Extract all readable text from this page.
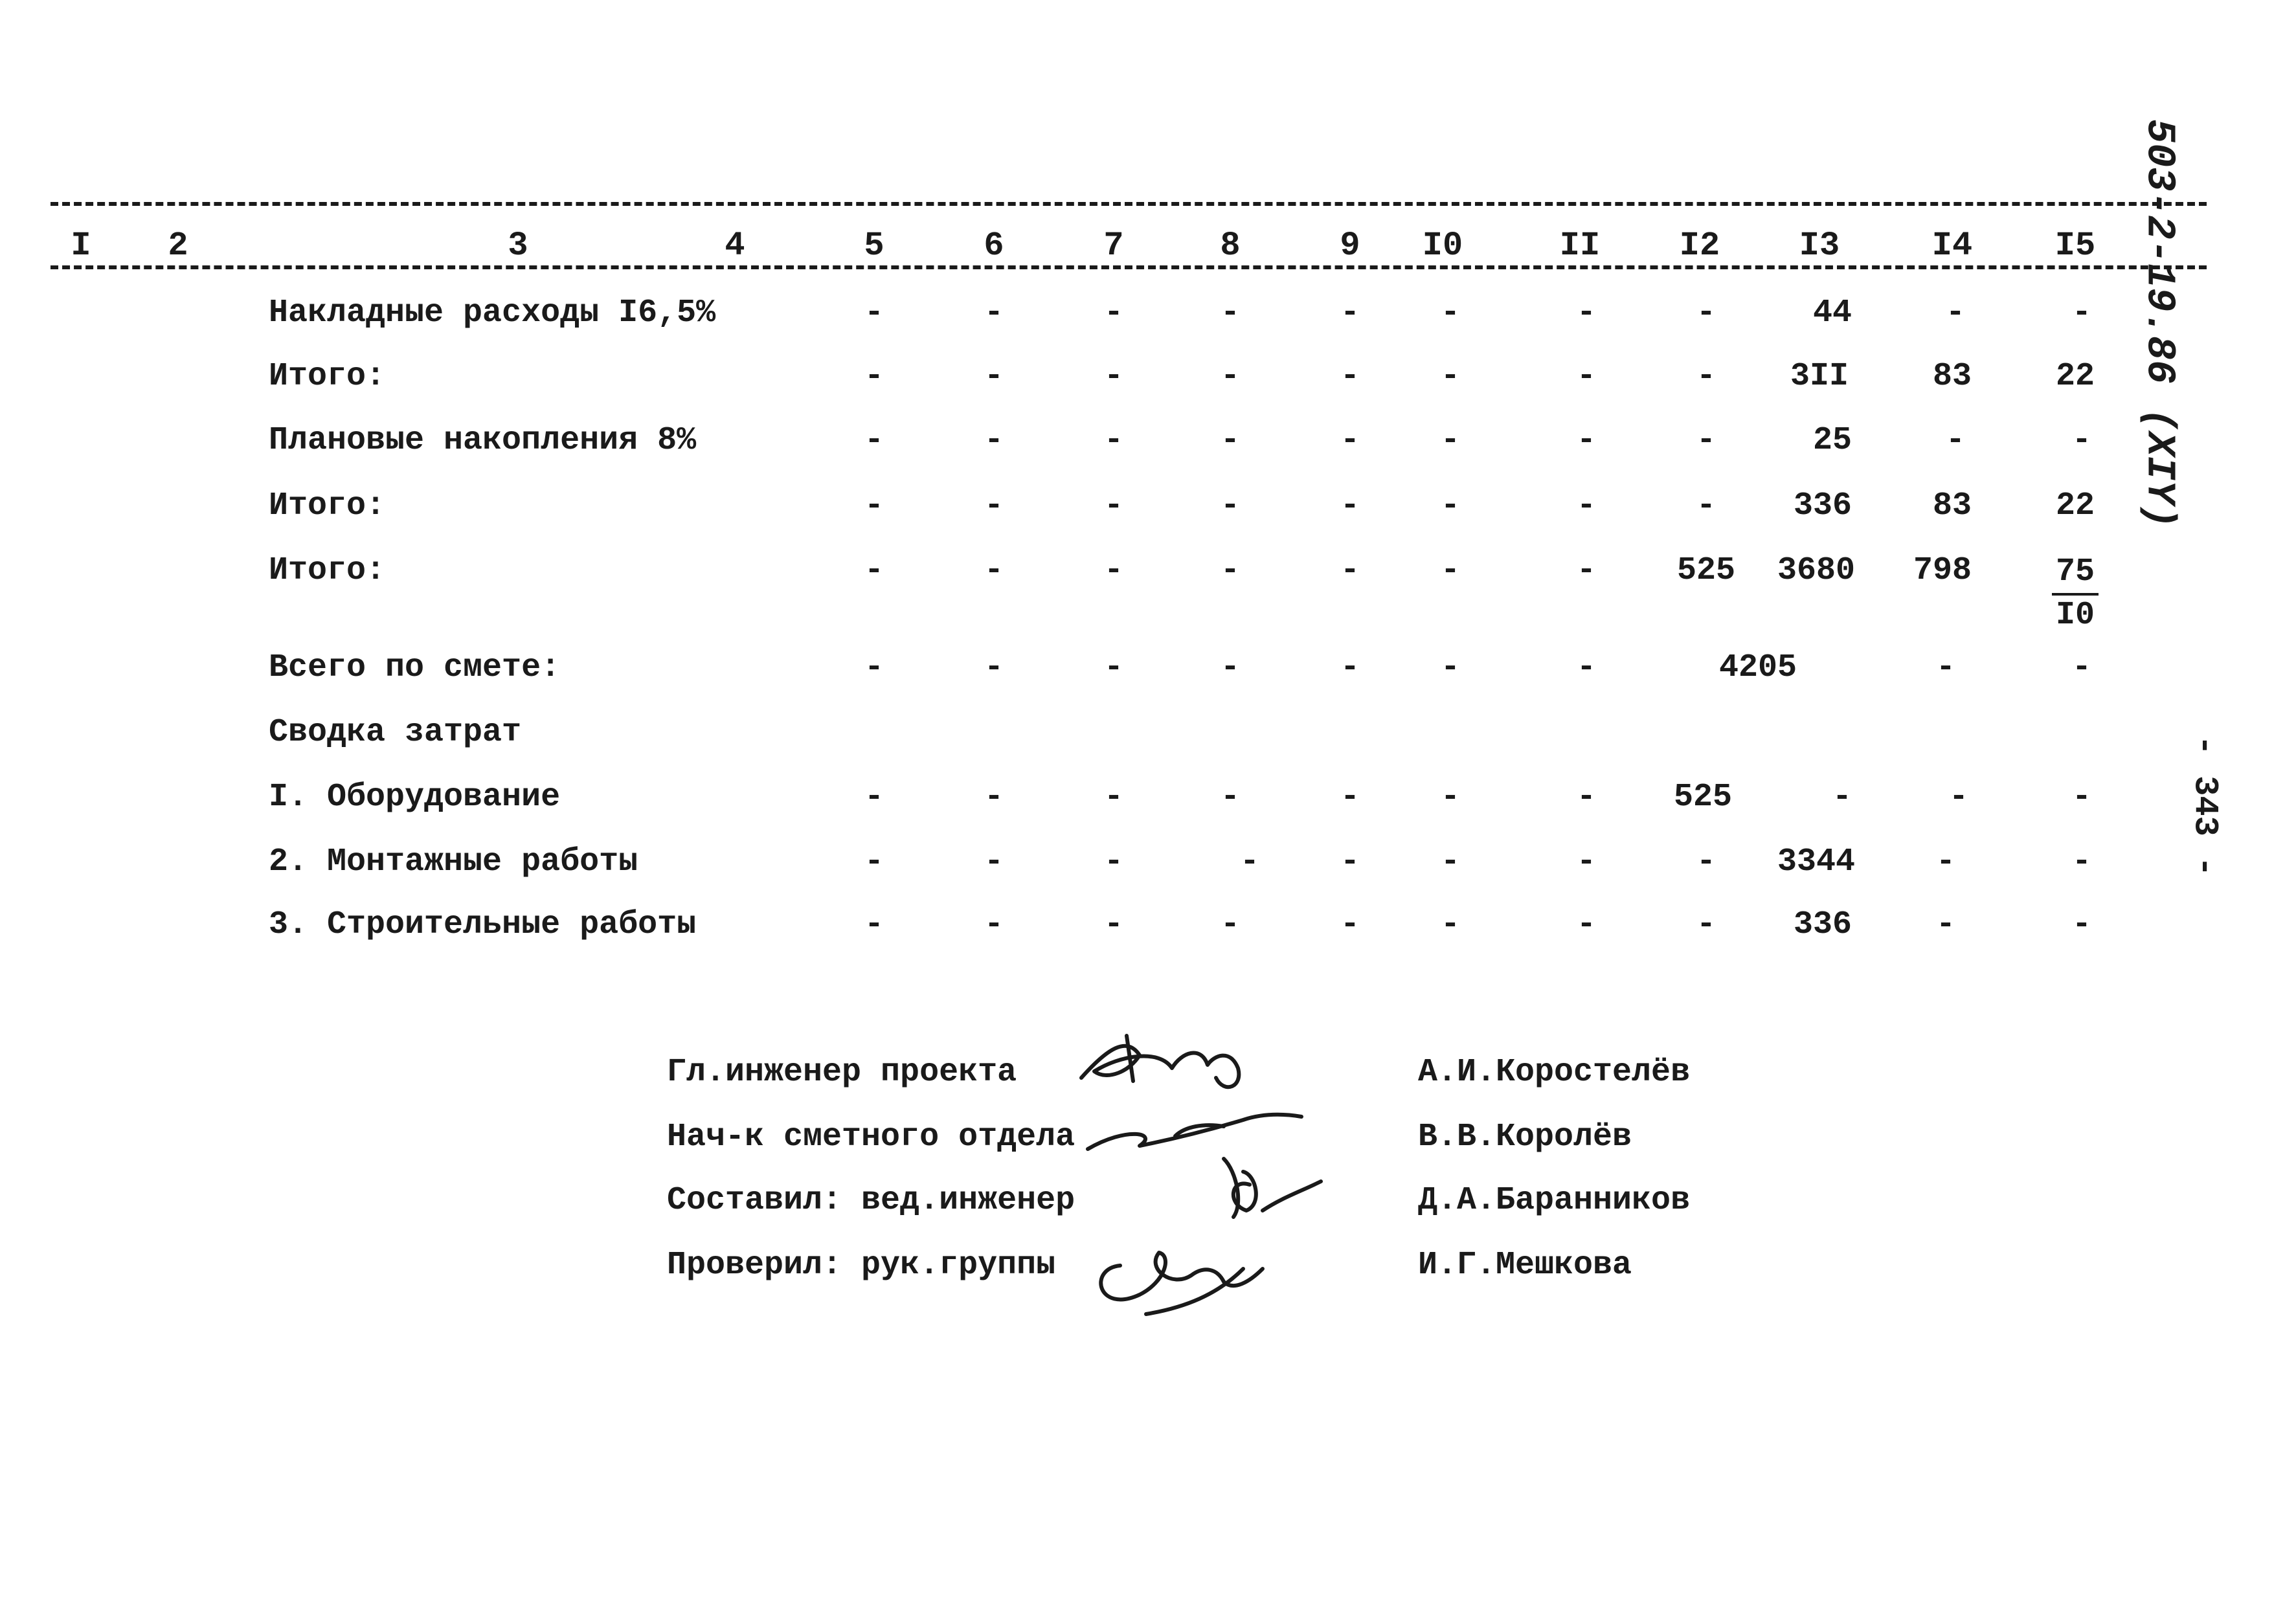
I 2	3	4	5	6	7	8	9 I0	II I2 I3	I4 I5
Накладные расходы I6,5%	-	-	-	-	- -	-	-	44	-	-
Итого:	-	-	-	-	- -	-	- 3II	83	22
Плановые накопления 8%	-	-	-	-	- -	-	-	25	-	-
Итого:	-	-	-	-	- -	-	- 336 83	22
Итого:	-	-	-	-	- -	- 525 3680 $798 \frac{75}{I0}$
Всего по смете:	-	-	-	-	- -	-	4205	-	-
Сводка затрат
I. Оборудование	-	-	-	-	- -	- 525	-	-	-
2. Монтажные работы	-	-	-	- - -	-	- 3344 -	-
3. Строительные работы	-	-	-	-	- -	-	- 336	-	-
Гл.инженер проекта
Нач-к сметного отдела
Составил: вед.инженер
Проверил: рук.группы
А.И.Коростелёв
В.В.Королёв
Д.А.Баранников
И.Г.Мешкова
503-2-19.86 (XIY)
- 343 -
